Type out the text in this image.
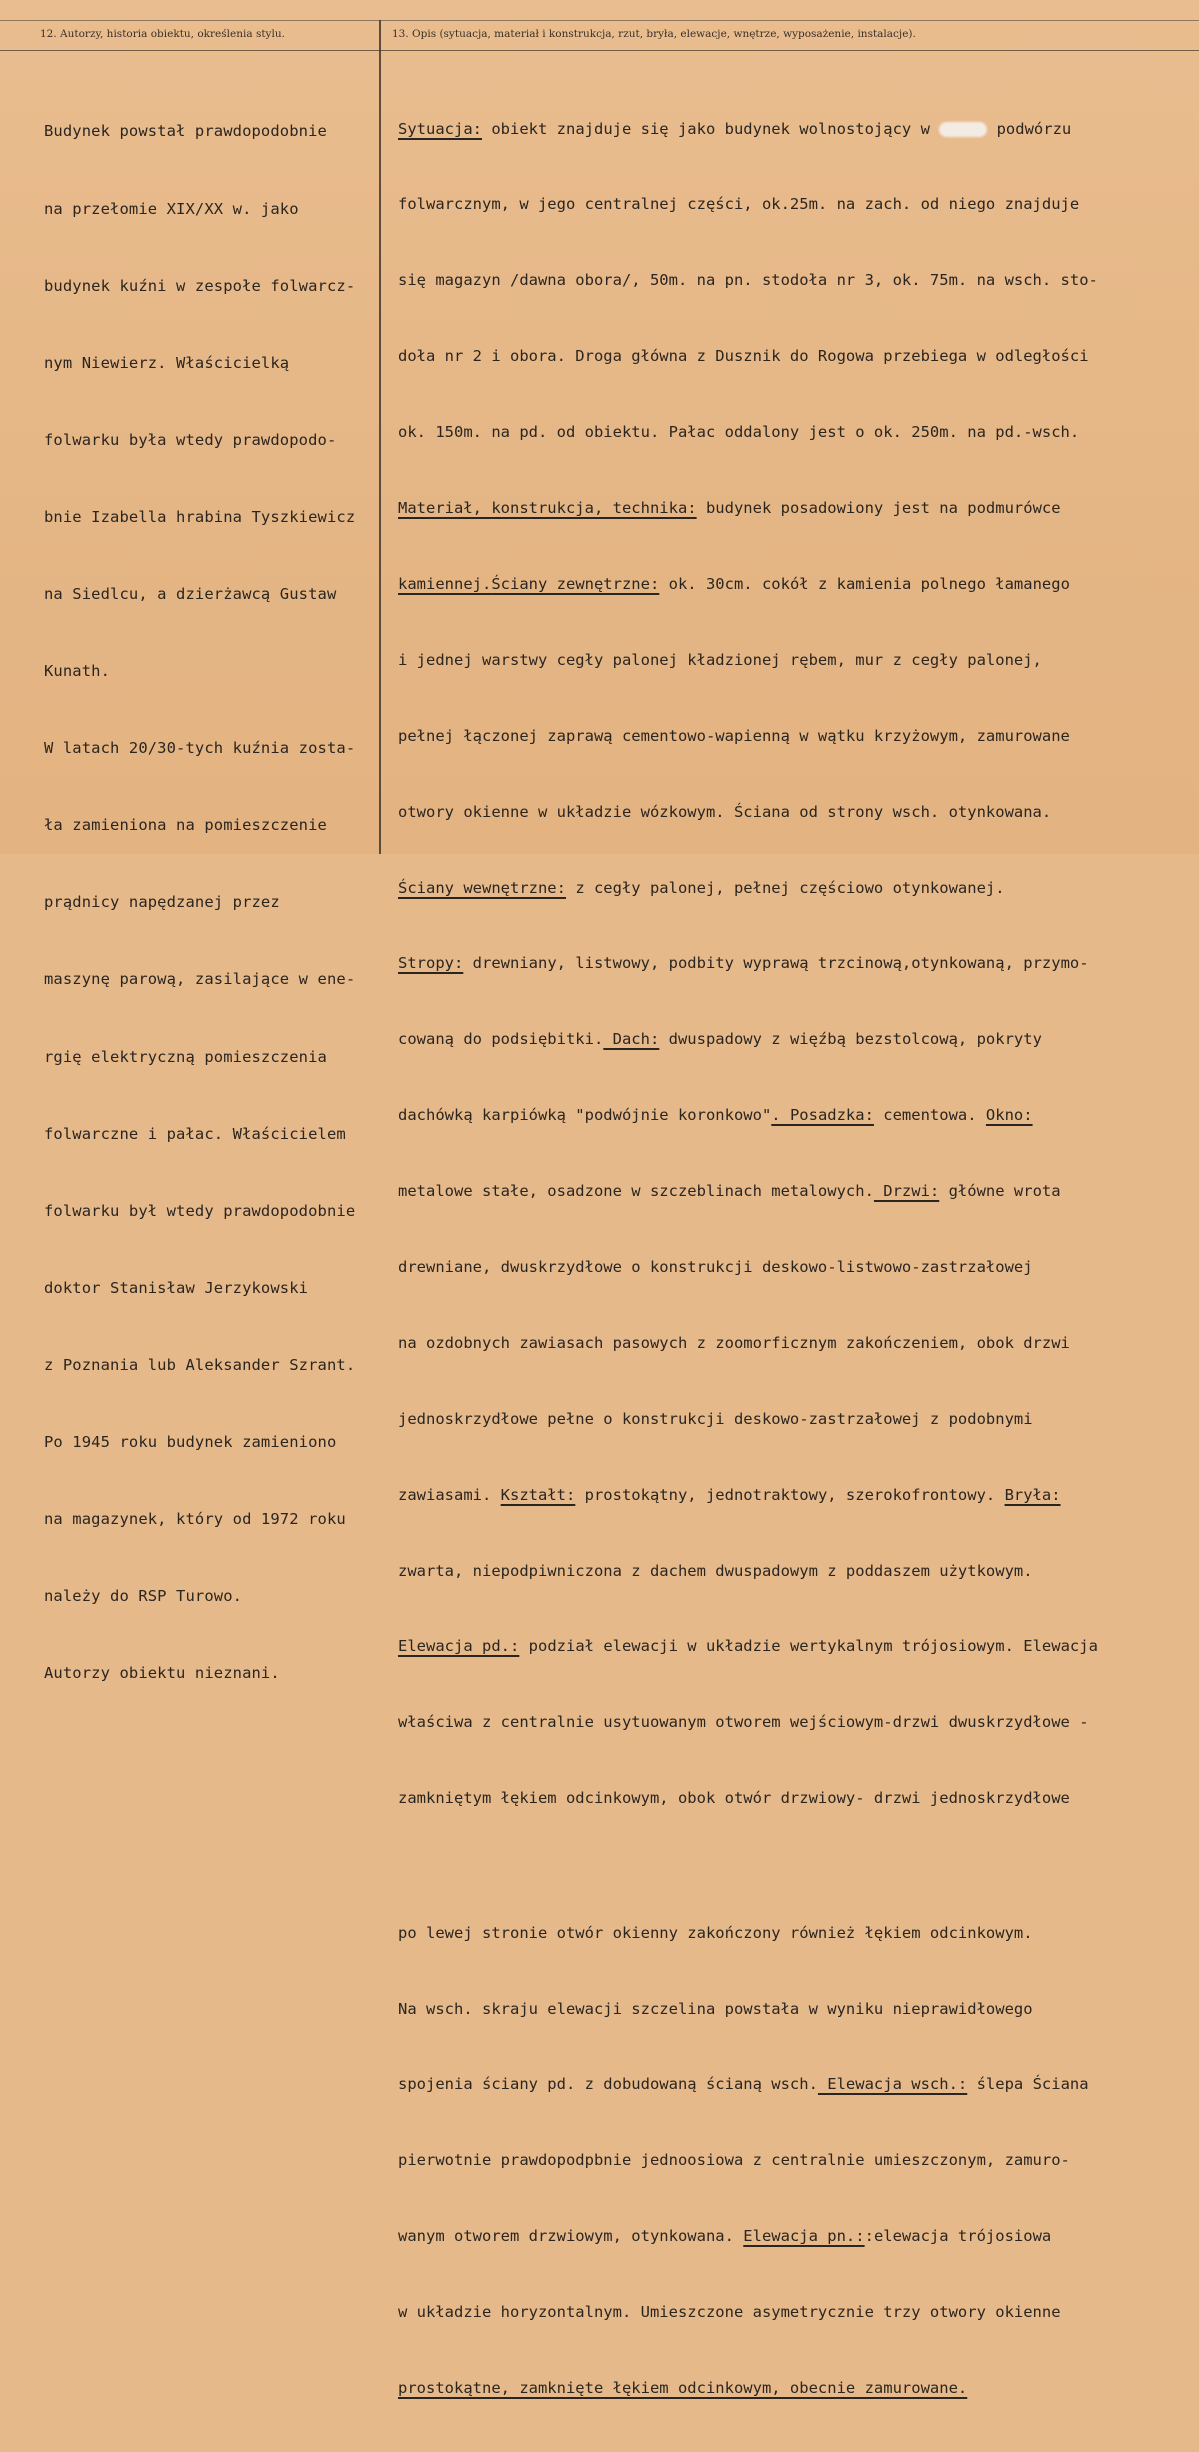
12. Autorzy, historia obiektu, określenia stylu.	13. Opis (sytuacja, materiał i konstrukcja, rzut, bryła, elewacje, wnętrze, wyposażenie, instalacje).

Budynek powstał prawdopodobnie

na przełomie XIX/XX w. jako

budynek kuźni w zespołe folwarcz-

nym Niewierz. Właścicielką

folwarku była wtedy prawdopodo-

bnie Izabella hrabina Tyszkiewicz

na Siedlcu, a dzierżawcą Gustaw

Kunath.

W latach 20/30-tych kuźnia zosta-

ła zamieniona na pomieszczenie

prądnicy napędzanej przez

maszynę parową, zasilające w ene-

rgię elektryczną pomieszczenia

folwarczne i pałac. Właścicielem

folwarku był wtedy prawdopodobnie

doktor Stanisław Jerzykowski

z Poznania lub Aleksander Szrant.

Po 1945 roku budynek zamieniono

na magazynek, który od 1972 roku

należy do RSP Turowo.

Autorzy obiektu nieznani.

Sytuacja: obiekt znajduje się jako budynek wolnostojący w	podwórzu

folwarcznym, w jego centralnej części, ok.25m. na zach. od niego znajduje

się magazyn /dawna obora/, 50m. na pn. stodoła nr 3, ok. 75m. na wsch. sto-

doła nr 2 i obora. Droga główna z Dusznik do Rogowa przebiega w odległości

ok. 150m. na pd. od obiektu. Pałac oddalony jest o ok. 250m. na pd.-wsch.

Materiał, konstrukcja, technika: budynek posadowiony jest na podmurówce

kamiennej.Ściany zewnętrzne: ok. 30cm. cokół z kamienia polnego łamanego

i jednej warstwy cegły palonej kładzionej rębem, mur z cegły palonej,

pełnej łączonej zaprawą cementowo-wapienną w wątku krzyżowym, zamurowane

otwory okienne w układzie wózkowym. Ściana od strony wsch. otynkowana.

Ściany wewnętrzne: z cegły palonej, pełnej częściowo otynkowanej.

Stropy: drewniany, listwowy, podbity wyprawą trzcinową,otynkowaną, przymo-

cowaną do podsiębitki. Dach: dwuspadowy z więźbą bezstolcową, pokryty

dachówką karpiówką "podwójnie koronkowo". Posadzka: cementowa. Okno:

metalowe stałe, osadzone w szczeblinach metalowych. Drzwi: główne wrota

drewniane, dwuskrzydłowe o konstrukcji deskowo-listwowo-zastrzałowej

na ozdobnych zawiasach pasowych z zoomorficznym zakończeniem, obok drzwi

jednoskrzydłowe pełne o konstrukcji deskowo-zastrzałowej z podobnymi

zawiasami. Kształt: prostokątny, jednotraktowy, szerokofrontowy. Bryła:

zwarta, niepodpiwniczona z dachem dwuspadowym z poddaszem użytkowym.

Elewacja pd.: podział elewacji w układzie wertykalnym trójosiowym. Elewacja

właściwa z centralnie usytuowanym otworem wejściowym-drzwi dwuskrzydłowe -

zamkniętym łękiem odcinkowym, obok otwór drzwiowy- drzwi jednoskrzydłowe

po lewej stronie otwór okienny zakończony również łękiem odcinkowym.

Na wsch. skraju elewacji szczelina powstała w wyniku nieprawidłowego

spojenia ściany pd. z dobudowaną ścianą wsch. Elewacja wsch.: ślepa Ściana

pierwotnie prawdopodpbnie jednoosiowa z centralnie umieszczonym, zamuro-

wanym otworem drzwiowym, otynkowana. Elewacja pn.::elewacja trójosiowa

w układzie horyzontalnym. Umieszczone asymetrycznie trzy otwory okienne

prostokątne, zamknięte łękiem odcinkowym, obecnie zamurowane.
